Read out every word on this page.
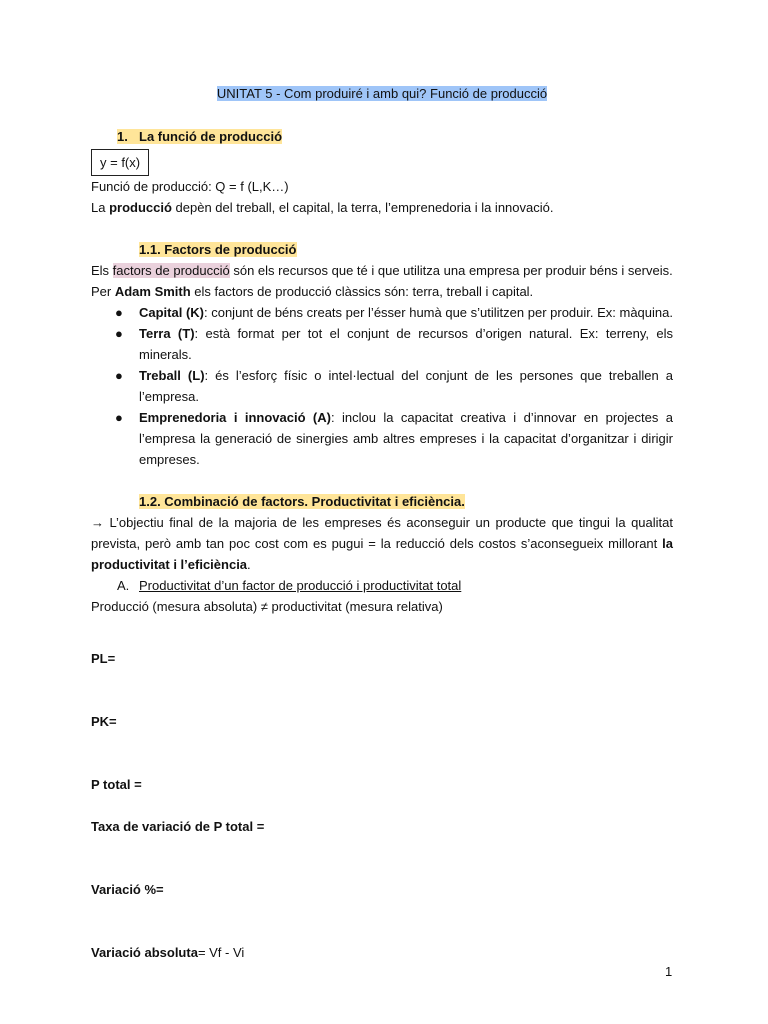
UNITAT 5 - Com produiré i amb qui? Funció de producció
1. La funció de producció
y = f(x)

Funció de producció: Q = f (L,K…)

La producció depèn del treball, el capital, la terra, l’emprenedoria i la innovació.

1.1. Factors de producció

Els factors de producció són els recursos que té i que utilitza una empresa per produir béns i serveis.

Per Adam Smith els factors de producció clàssics són: terra, treball i capital.

● Capital (K): conjunt de béns creats per l’ésser humà que s’utilitzen per produir. Ex: màquina.
● Terra (T): està format per tot el conjunt de recursos d’origen natural. Ex: terreny, els minerals.
● Treball (L): és l’esforç físic o intel·lectual del conjunt de les persones que treballen a l’empresa.
● Emprenedoria i innovació (A): inclou la capacitat creativa i d’innovar en projectes a l’empresa la generació de sinergies amb altres empreses i la capacitat d’organitzar i dirigir empreses.
1.2. Combinació de factors. Productivitat i eficiència.

→ L’objectiu final de la majoria de les empreses és aconseguir un producte que tingui la qualitat prevista, però amb tan poc cost com es pugui = la reducció dels costos s’aconsegueix millorant la productivitat i l’eficiència.

A. Productivitat d’un factor de producció i productivitat total

Producció (mesura absoluta) ≠ productivitat (mesura relativa)

PL=

PK=

P total =

Taxa de variació de P total =

Variació %=

Variació absoluta= Vf - Vi

1
